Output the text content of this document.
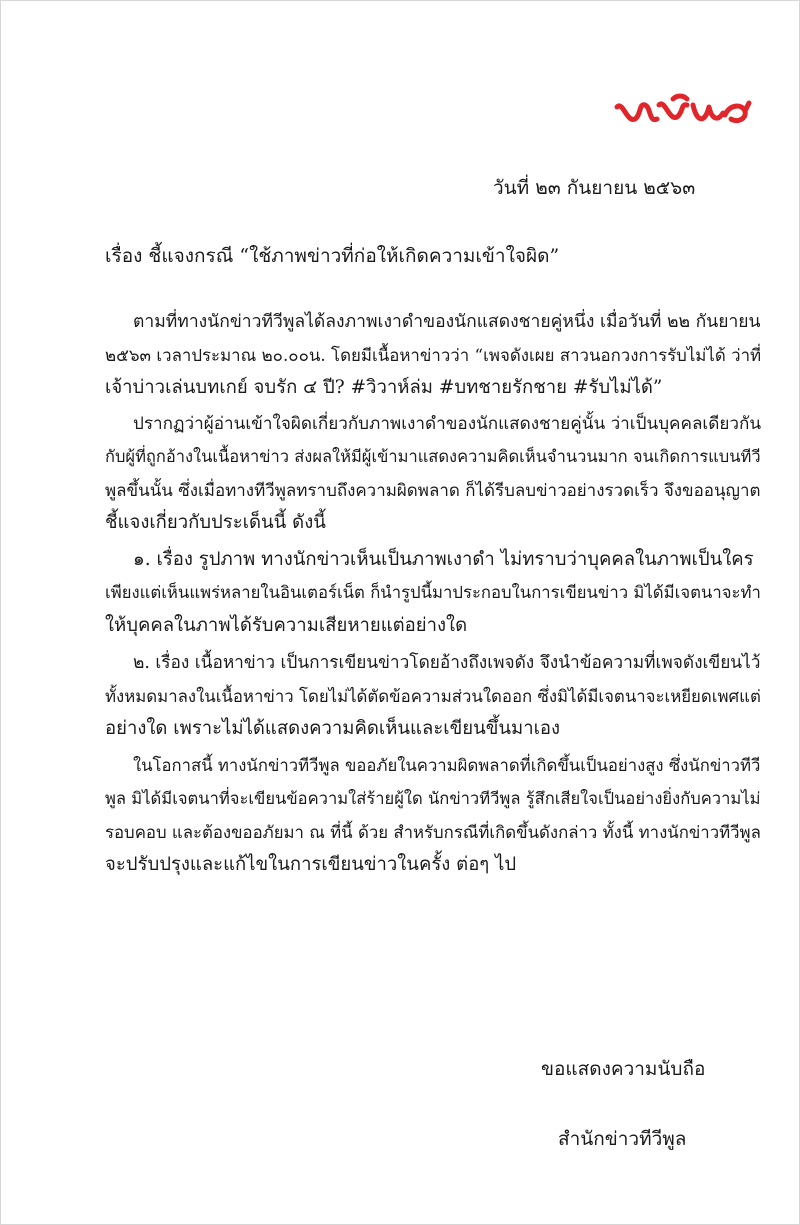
วันที่ ๒๓ กันยายน ๒๕๖๓
เรื่อง ชี้แจงกรณี “ใช้ภาพข่าวที่ก่อให้เกิดความเข้าใจผิด”
ตามที่ทางนักข่าวทีวีพูลได้ลงภาพเงาดำของนักแสดงชายคู่หนึ่ง เมื่อวันที่ ๒๒ กันยายน
๒๕๖๓ เวลาประมาณ ๒๐.๐๐น. โดยมีเนื้อหาข่าวว่า “เพจดังเผย สาวนอกวงการรับไม่ได้ ว่าที่
เจ้าบ่าวเล่นบทเกย์ จบรัก ๔ ปี? #วิวาห์ล่ม #บทชายรักชาย #รับไม่ได้”
ปรากฏว่าผู้อ่านเข้าใจผิดเกี่ยวกับภาพเงาดำของนักแสดงชายคู่นั้น ว่าเป็นบุคคลเดียวกัน
กับผู้ที่ถูกอ้างในเนื้อหาข่าว ส่งผลให้มีผู้เข้ามาแสดงความคิดเห็นจำนวนมาก จนเกิดการแบนทีวี
พูลขึ้นนั้น ซึ่งเมื่อทางทีวีพูลทราบถึงความผิดพลาด ก็ได้รีบลบข่าวอย่างรวดเร็ว จึงขออนุญาต
ชี้แจงเกี่ยวกับประเด็นนี้ ดังนี้
๑. เรื่อง รูปภาพ ทางนักข่าวเห็นเป็นภาพเงาดำ ไม่ทราบว่าบุคคลในภาพเป็นใคร
เพียงแต่เห็นแพร่หลายในอินเตอร์เน็ต ก็นำรูปนี้มาประกอบในการเขียนข่าว มิได้มีเจตนาจะทำ
ให้บุคคลในภาพได้รับความเสียหายแต่อย่างใด
๒. เรื่อง เนื้อหาข่าว เป็นการเขียนข่าวโดยอ้างถึงเพจดัง จึงนำข้อความที่เพจดังเขียนไว้
ทั้งหมดมาลงในเนื้อหาข่าว โดยไม่ได้ตัดข้อความส่วนใดออก ซึ่งมิได้มีเจตนาจะเหยียดเพศแต่
อย่างใด เพราะไม่ได้แสดงความคิดเห็นและเขียนขึ้นมาเอง
ในโอกาสนี้ ทางนักข่าวทีวีพูล ขออภัยในความผิดพลาดที่เกิดขึ้นเป็นอย่างสูง ซึ่งนักข่าวทีวี
พูล มิได้มีเจตนาที่จะเขียนข้อความใส่ร้ายผู้ใด นักข่าวทีวีพูล รู้สึกเสียใจเป็นอย่างยิ่งกับความไม่
รอบคอบ และต้องขออภัยมา ณ ที่นี้ ด้วย สำหรับกรณีที่เกิดขึ้นดังกล่าว ทั้งนี้ ทางนักข่าวทีวีพูล
จะปรับปรุงและแก้ไขในการเขียนข่าวในครั้ง ต่อๆ ไป
ขอแสดงความนับถือ
สำนักข่าวทีวีพูล
